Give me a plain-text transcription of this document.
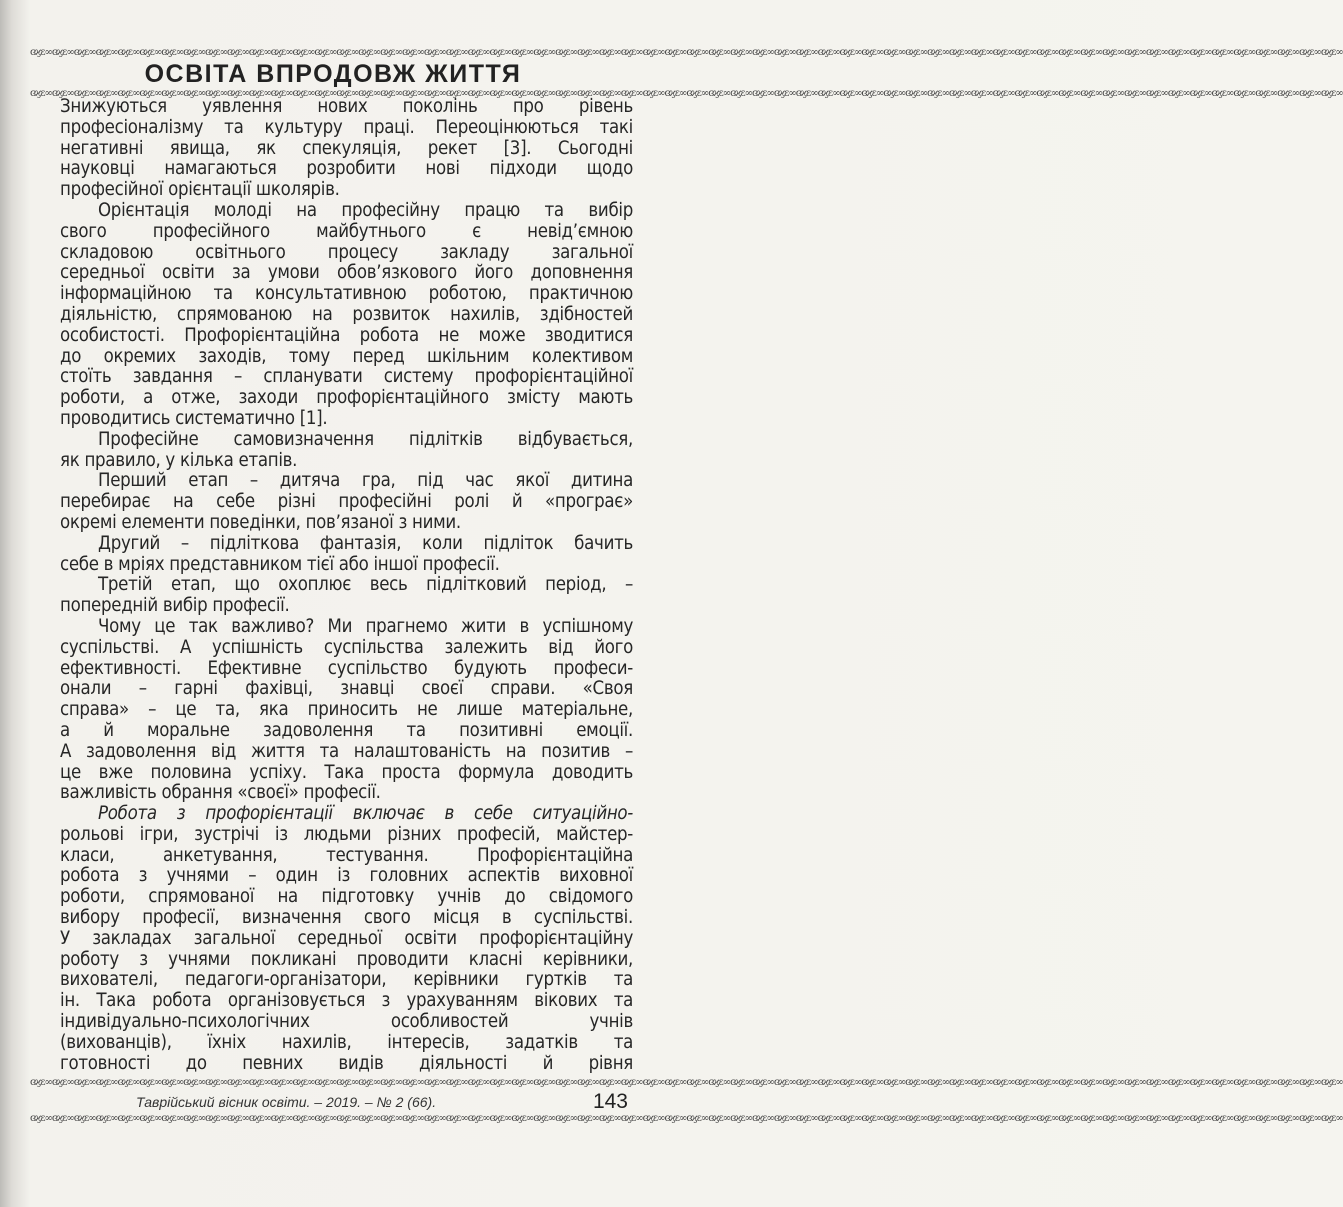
ɞϗɛ∞ɞϗɛ∞ɞϗɛ∞ɞϗɛ∞ɞϗɛ∞ɞϗɛ∞ɞϗɛ∞ɞϗɛ∞ɞϗɛ∞ɞϗɛ∞ɞϗɛ∞ɞϗɛ∞ɞϗɛ∞ɞϗɛ∞ɞϗɛ∞ɞϗɛ∞ɞϗɛ∞ɞϗɛ∞ɞϗɛ∞ɞϗɛ∞ɞϗɛ∞ɞϗɛ∞ɞϗɛ∞ɞϗɛ∞ɞϗɛ∞ɞϗɛ∞ɞϗɛ∞ɞϗɛ∞ɞϗɛ∞ɞϗɛ∞ɞϗɛ∞ɞϗɛ∞ɞϗɛ∞ɞϗɛ∞ɞϗɛ∞ɞϗɛ∞ɞϗɛ∞ɞϗɛ∞ɞϗɛ∞ɞϗɛ∞ɞϗɛ∞ɞϗɛ∞ɞϗɛ∞ɞϗɛ∞ɞϗɛ∞ɞϗɛ∞ɞϗɛ∞ɞϗɛ∞ɞϗɛ∞ɞϗɛ∞ɞϗɛ∞ɞϗɛ∞ɞϗɛ∞ɞϗɛ∞ɞϗɛ∞ɞϗɛ∞ɞϗɛ∞ɞϗɛ∞ɞϗɛ∞ɞϗɛ∞
ОСВІТА ВПРОДОВЖ ЖИТТЯ
ɞϗɛ∞ɞϗɛ∞ɞϗɛ∞ɞϗɛ∞ɞϗɛ∞ɞϗɛ∞ɞϗɛ∞ɞϗɛ∞ɞϗɛ∞ɞϗɛ∞ɞϗɛ∞ɞϗɛ∞ɞϗɛ∞ɞϗɛ∞ɞϗɛ∞ɞϗɛ∞ɞϗɛ∞ɞϗɛ∞ɞϗɛ∞ɞϗɛ∞ɞϗɛ∞ɞϗɛ∞ɞϗɛ∞ɞϗɛ∞ɞϗɛ∞ɞϗɛ∞ɞϗɛ∞ɞϗɛ∞ɞϗɛ∞ɞϗɛ∞ɞϗɛ∞ɞϗɛ∞ɞϗɛ∞ɞϗɛ∞ɞϗɛ∞ɞϗɛ∞ɞϗɛ∞ɞϗɛ∞ɞϗɛ∞ɞϗɛ∞ɞϗɛ∞ɞϗɛ∞ɞϗɛ∞ɞϗɛ∞ɞϗɛ∞ɞϗɛ∞ɞϗɛ∞ɞϗɛ∞ɞϗɛ∞ɞϗɛ∞ɞϗɛ∞ɞϗɛ∞ɞϗɛ∞ɞϗɛ∞ɞϗɛ∞ɞϗɛ∞ɞϗɛ∞ɞϗɛ∞ɞϗɛ∞ɞϗɛ∞
Знижуються уявлення нових поколінь про рівень
професіоналізму та культуру праці. Переоцінюються такі
негативні явища, як спекуляція, рекет [3]. Сьогодні
науковці намагаються розробити нові підходи щодо
професійної орієнтації школярів.
Орієнтація молоді на професійну працю та вибір
свого професійного майбутнього є невід’ємною
складовою освітнього процесу закладу загальної
середньої освіти за умови обов’язкового його доповнення
інформаційною та консультативною роботою, практичною
діяльністю, спрямованою на розвиток нахилів, здібностей
особистості. Профорієнтаційна робота не може зводитися
до окремих заходів, тому перед шкільним колективом
стоїть завдання – спланувати систему профорієнтаційної
роботи, а отже, заходи профорієнтаційного змісту мають
проводитись систематично [1].
Професійне самовизначення підлітків відбувається,
як правило, у кілька етапів.
Перший етап – дитяча гра, під час якої дитина
перебирає на себе різні професійні ролі й «програє»
окремі елементи поведінки, пов’язаної з ними.
Другий – підліткова фантазія, коли підліток бачить
себе в мріях представником тієї або іншої професії.
Третій етап, що охоплює весь підлітковий період, –
попередній вибір професії.
Чому це так важливо? Ми прагнемо жити в успішному
суспільстві. А успішність суспільства залежить від його
ефективності. Ефективне суспільство будують професи-
онали – гарні фахівці, знавці своєї справи. «Своя
справа» – це та, яка приносить не лише матеріальне,
а й моральне задоволення та позитивні емоції.
А задоволення від життя та налаштованість на позитив –
це вже половина успіху. Така проста формула доводить
важливість обрання «своєї» професії.
Робота з профорієнтації включає в себе ситуаційно-
рольові ігри, зустрічі із людьми різних професій, майстер-
класи, анкетування, тестування. Профорієнтаційна
робота з учнями – один із головних аспектів виховної
роботи, спрямованої на підготовку учнів до свідомого
вибору професії, визначення свого місця в суспільстві.
У закладах загальної середньої освіти профорієнтаційну
роботу з учнями покликані проводити класні керівники,
вихователі, педагоги-організатори, керівники гуртків та
ін. Така робота організовується з урахуванням вікових та
індивідуально-психологічних особливостей учнів
(вихованців), їхніх нахилів, інтересів, задатків та
готовності до певних видів діяльності й рівня
ɞϗɛ∞ɞϗɛ∞ɞϗɛ∞ɞϗɛ∞ɞϗɛ∞ɞϗɛ∞ɞϗɛ∞ɞϗɛ∞ɞϗɛ∞ɞϗɛ∞ɞϗɛ∞ɞϗɛ∞ɞϗɛ∞ɞϗɛ∞ɞϗɛ∞ɞϗɛ∞ɞϗɛ∞ɞϗɛ∞ɞϗɛ∞ɞϗɛ∞ɞϗɛ∞ɞϗɛ∞ɞϗɛ∞ɞϗɛ∞ɞϗɛ∞ɞϗɛ∞ɞϗɛ∞ɞϗɛ∞ɞϗɛ∞ɞϗɛ∞ɞϗɛ∞ɞϗɛ∞ɞϗɛ∞ɞϗɛ∞ɞϗɛ∞ɞϗɛ∞ɞϗɛ∞ɞϗɛ∞ɞϗɛ∞ɞϗɛ∞ɞϗɛ∞ɞϗɛ∞ɞϗɛ∞ɞϗɛ∞ɞϗɛ∞ɞϗɛ∞ɞϗɛ∞ɞϗɛ∞ɞϗɛ∞ɞϗɛ∞ɞϗɛ∞ɞϗɛ∞ɞϗɛ∞ɞϗɛ∞ɞϗɛ∞ɞϗɛ∞ɞϗɛ∞ɞϗɛ∞ɞϗɛ∞ɞϗɛ∞
Таврійський вісник освіти. – 2019. – № 2 (66).	143
ɞϗɛ∞ɞϗɛ∞ɞϗɛ∞ɞϗɛ∞ɞϗɛ∞ɞϗɛ∞ɞϗɛ∞ɞϗɛ∞ɞϗɛ∞ɞϗɛ∞ɞϗɛ∞ɞϗɛ∞ɞϗɛ∞ɞϗɛ∞ɞϗɛ∞ɞϗɛ∞ɞϗɛ∞ɞϗɛ∞ɞϗɛ∞ɞϗɛ∞ɞϗɛ∞ɞϗɛ∞ɞϗɛ∞ɞϗɛ∞ɞϗɛ∞ɞϗɛ∞ɞϗɛ∞ɞϗɛ∞ɞϗɛ∞ɞϗɛ∞ɞϗɛ∞ɞϗɛ∞ɞϗɛ∞ɞϗɛ∞ɞϗɛ∞ɞϗɛ∞ɞϗɛ∞ɞϗɛ∞ɞϗɛ∞ɞϗɛ∞ɞϗɛ∞ɞϗɛ∞ɞϗɛ∞ɞϗɛ∞ɞϗɛ∞ɞϗɛ∞ɞϗɛ∞ɞϗɛ∞ɞϗɛ∞ɞϗɛ∞ɞϗɛ∞ɞϗɛ∞ɞϗɛ∞ɞϗɛ∞ɞϗɛ∞ɞϗɛ∞ɞϗɛ∞ɞϗɛ∞ɞϗɛ∞ɞϗɛ∞
